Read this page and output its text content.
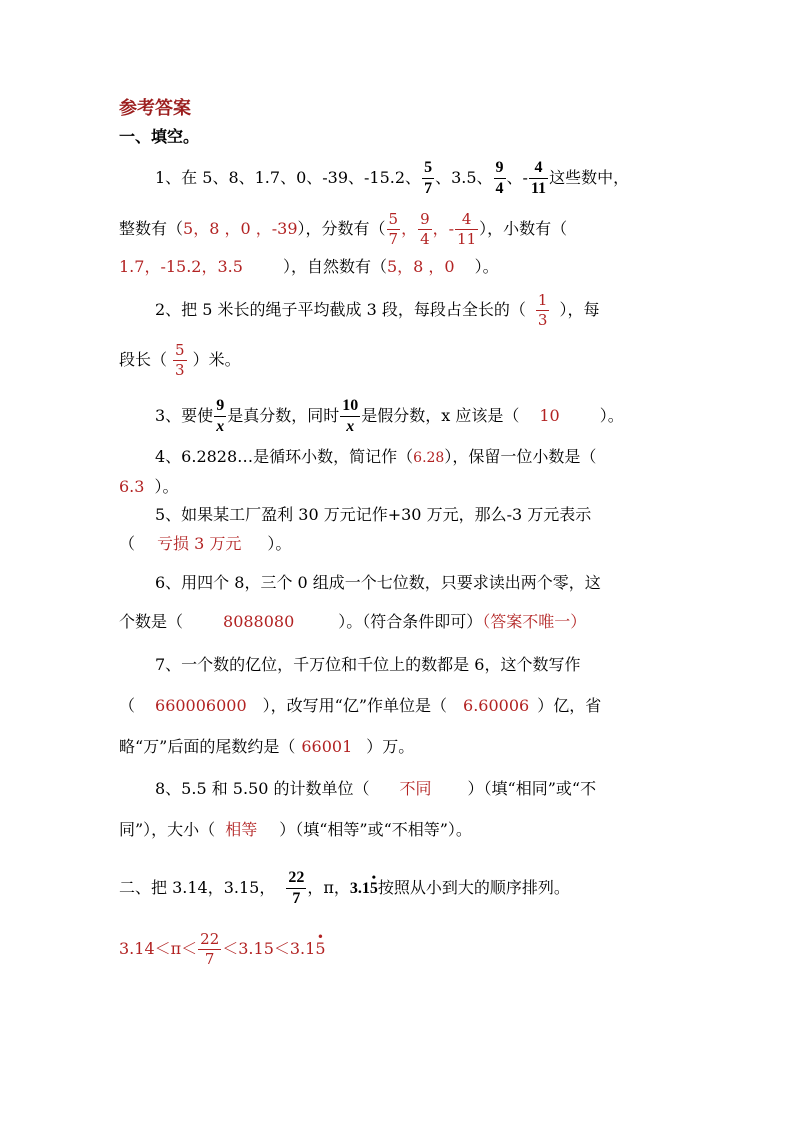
参考答案
一、填空。
1、在 5、8、1.7、0、-39、-15.2、 $\frac{5}{7}$ 、3.5、 $\frac{9}{4}$ 、- $\frac{4}{11}$ 这些数中，
整数有（5，8 ，0 ，-39），分数有（ $\frac{5}{7}$ ， $\frac{9}{4}$ ，- $\frac{4}{11}$ ），小数有（
1.7，-15.2，3.5	），自然数有（5，8 ，0 ）。
2、把 5 米长的绳子平均截成 3 段，每段占全长的（ $\frac{1}{3}$ ），每
段长（ $\frac{5}{3}$ ）米。
3、要使 $\frac{9}{x}$ 是真分数，同时 $\frac{10}{x}$ 是假分数，x 应该是（ 10	）。
4、6.2828…是循环小数，简记作（6.28），保留一位小数是（
6.3 ）。
5、如果某工厂盈利 30 万元记作+30 万元，那么-3 万元表示
（ 亏损 3 万元 ）。
6、用四个 8，三个 0 组成一个七位数，只要求读出两个零，这
个数是（	8088080	）。（符合条件即可）（答案不唯一）
7、一个数的亿位，千万位和千位上的数都是 6，这个数写作
（ 660006000 ），改写用“亿”作单位是（ 6.60006 ）亿，省
略“万”后面的尾数约是（ 66001 ）万。
8、5.5 和 5.50 的计数单位（ 不同 ）（填“相同”或“不
同”），大小（ 相等 ）（填“相等”或“不相等”）。
二、把 3.14，3.15， $\frac{22}{7}$ ，π，3.1• 5按照从小到大的顺序排列。
$3.14<\pi< \frac{22}{7}$ ＜3.15＜3.1• 5
